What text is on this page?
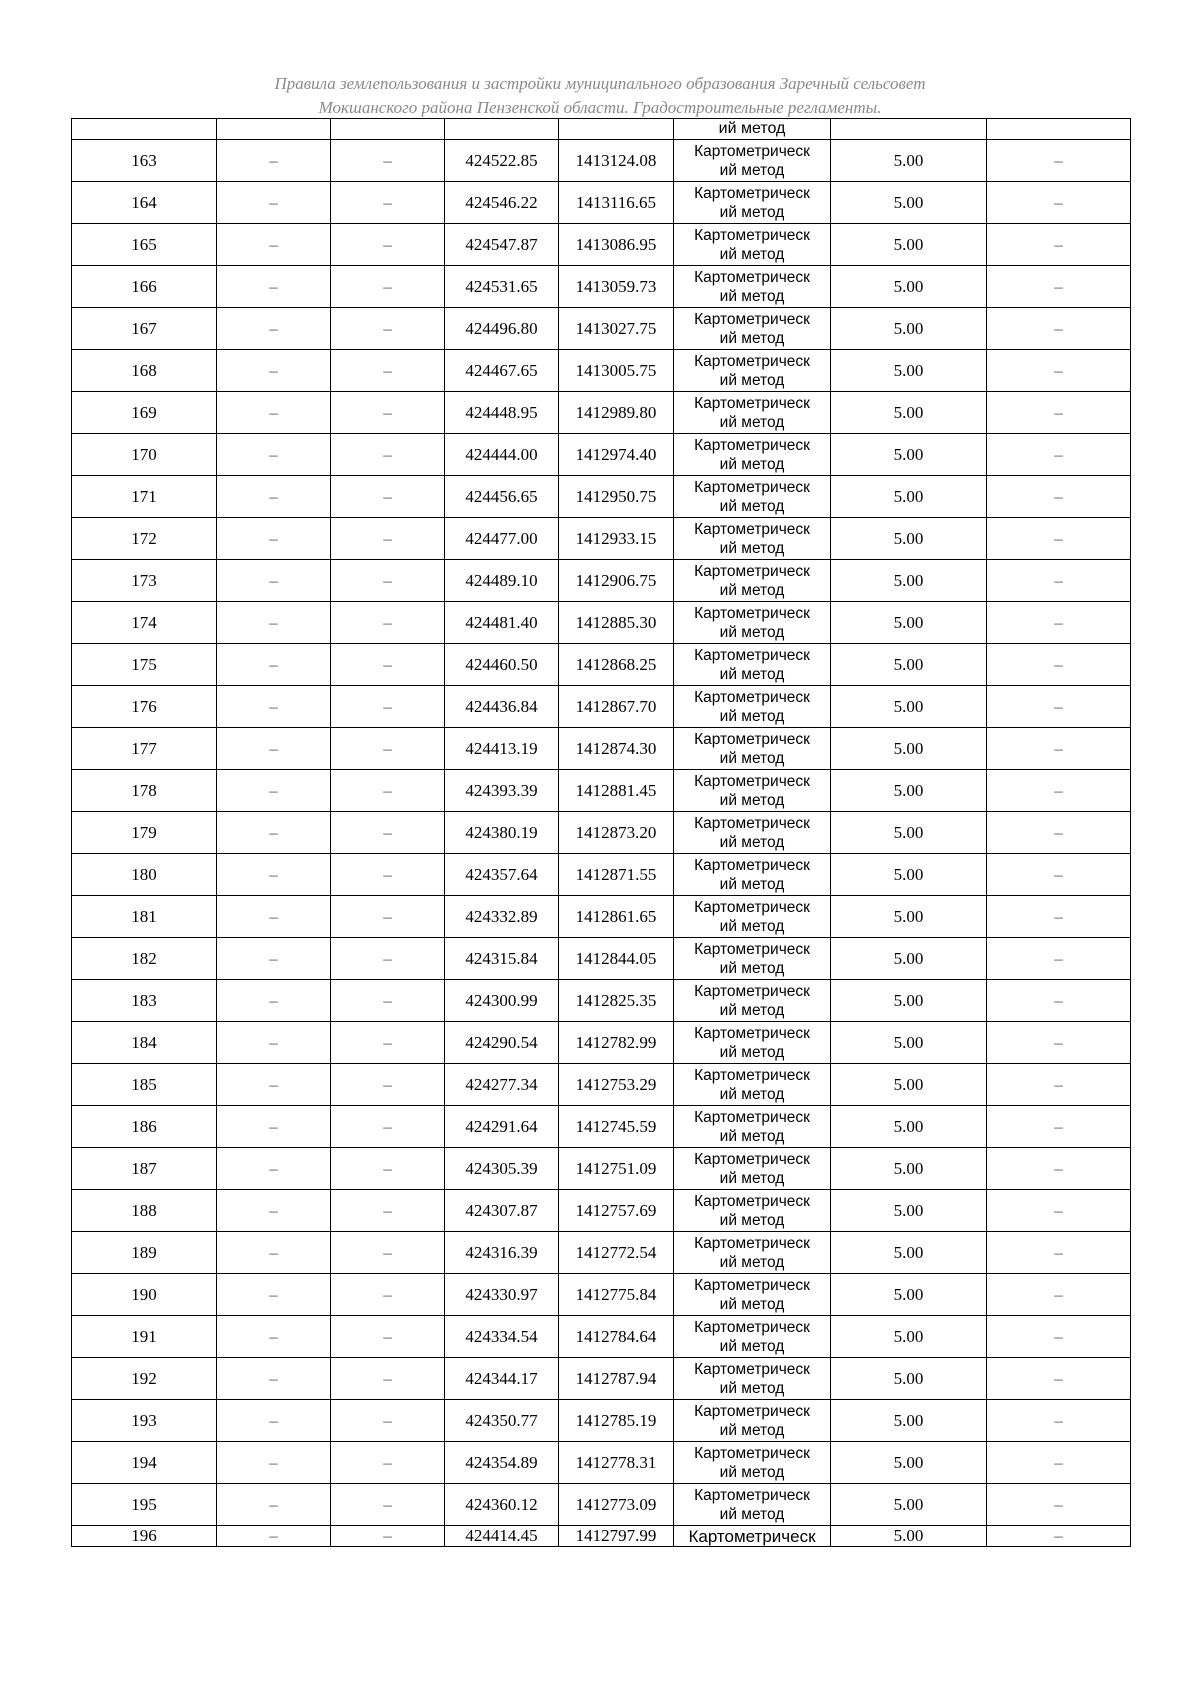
Правила землепользования и застройки муниципального образования Заречный сельсовет
Мокшанского района Пензенской области. Градостроительные регламенты.

					ий метод		

163	–	–	424522.85	1413124.08	Картометрическ
ий метод	5.00	–
164	–	–	424546.22	1413116.65	Картометрическ
ий метод	5.00	–
165	–	–	424547.87	1413086.95	Картометрическ
ий метод	5.00	–
166	–	–	424531.65	1413059.73	Картометрическ
ий метод	5.00	–
167	–	–	424496.80	1413027.75	Картометрическ
ий метод	5.00	–
168	–	–	424467.65	1413005.75	Картометрическ
ий метод	5.00	–
169	–	–	424448.95	1412989.80	Картометрическ
ий метод	5.00	–
170	–	–	424444.00	1412974.40	Картометрическ
ий метод	5.00	–
171	–	–	424456.65	1412950.75	Картометрическ
ий метод	5.00	–
172	–	–	424477.00	1412933.15	Картометрическ
ий метод	5.00	–
173	–	–	424489.10	1412906.75	Картометрическ
ий метод	5.00	–
174	–	–	424481.40	1412885.30	Картометрическ
ий метод	5.00	–
175	–	–	424460.50	1412868.25	Картометрическ
ий метод	5.00	–
176	–	–	424436.84	1412867.70	Картометрическ
ий метод	5.00	–
177	–	–	424413.19	1412874.30	Картометрическ
ий метод	5.00	–
178	–	–	424393.39	1412881.45	Картометрическ
ий метод	5.00	–
179	–	–	424380.19	1412873.20	Картометрическ
ий метод	5.00	–
180	–	–	424357.64	1412871.55	Картометрическ
ий метод	5.00	–
181	–	–	424332.89	1412861.65	Картометрическ
ий метод	5.00	–
182	–	–	424315.84	1412844.05	Картометрическ
ий метод	5.00	–
183	–	–	424300.99	1412825.35	Картометрическ
ий метод	5.00	–
184	–	–	424290.54	1412782.99	Картометрическ
ий метод	5.00	–
185	–	–	424277.34	1412753.29	Картометрическ
ий метод	5.00	–
186	–	–	424291.64	1412745.59	Картометрическ
ий метод	5.00	–
187	–	–	424305.39	1412751.09	Картометрическ
ий метод	5.00	–
188	–	–	424307.87	1412757.69	Картометрическ
ий метод	5.00	–
189	–	–	424316.39	1412772.54	Картометрическ
ий метод	5.00	–
190	–	–	424330.97	1412775.84	Картометрическ
ий метод	5.00	–
191	–	–	424334.54	1412784.64	Картометрическ
ий метод	5.00	–
192	–	–	424344.17	1412787.94	Картометрическ
ий метод	5.00	–
193	–	–	424350.77	1412785.19	Картометрическ
ий метод	5.00	–
194	–	–	424354.89	1412778.31	Картометрическ
ий метод	5.00	–
195	–	–	424360.12	1412773.09	Картометрическ
ий метод	5.00	–
196	–	–	424414.45	1412797.99	Картометрическ	5.00	–
